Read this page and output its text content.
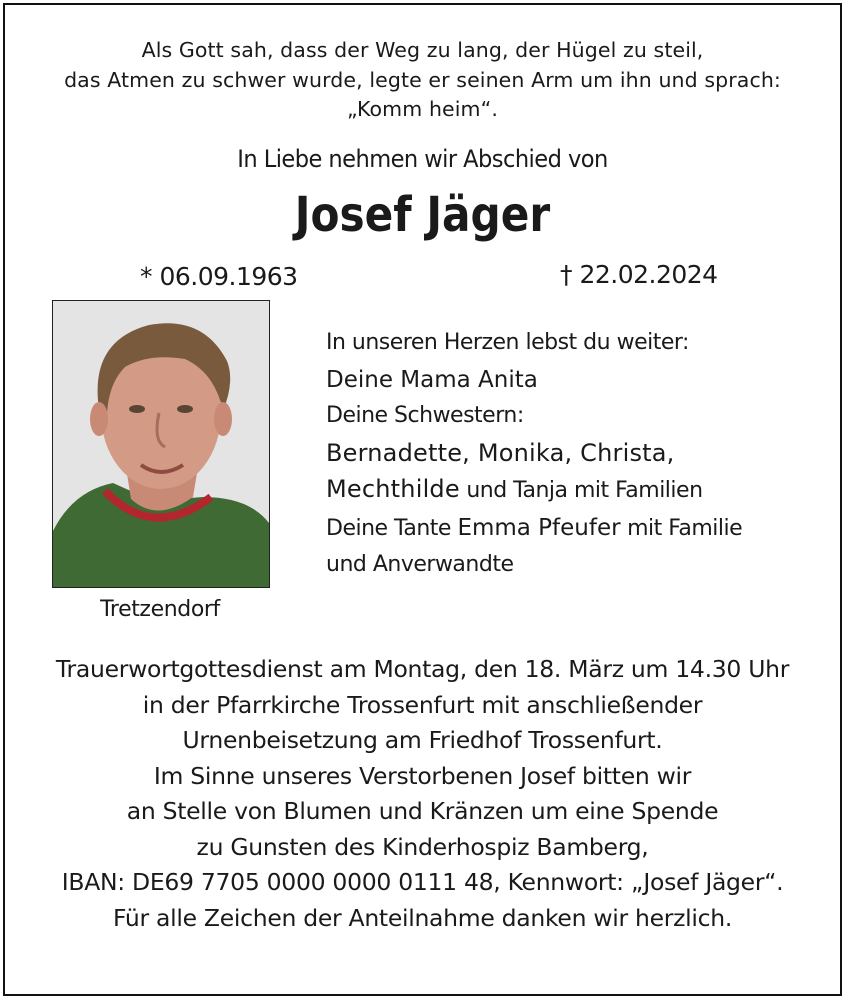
Als Gott sah, dass der Weg zu lang, der Hügel zu steil,
das Atmen zu schwer wurde, legte er seinen Arm um ihn und sprach:
„Komm heim“.
In Liebe nehmen wir Abschied von
Josef Jäger
* 06.09.1963	† 22.02.2024
Tretzendorf
In unseren Herzen lebst du weiter:
Deine Mama Anita
Deine Schwestern:
Bernadette, Monika, Christa,
Mechthilde und Tanja mit Familien
Deine Tante Emma Pfeufer mit Familie
und Anverwandte
Trauerwortgottesdienst am Montag, den 18. März um 14.30 Uhr
in der Pfarrkirche Trossenfurt mit anschließender
Urnenbeisetzung am Friedhof Trossenfurt.
Im Sinne unseres Verstorbenen Josef bitten wir
an Stelle von Blumen und Kränzen um eine Spende
zu Gunsten des Kinderhospiz Bamberg,
IBAN: DE69 7705 0000 0000 0111 48, Kennwort: „Josef Jäger“.
Für alle Zeichen der Anteilnahme danken wir herzlich.
